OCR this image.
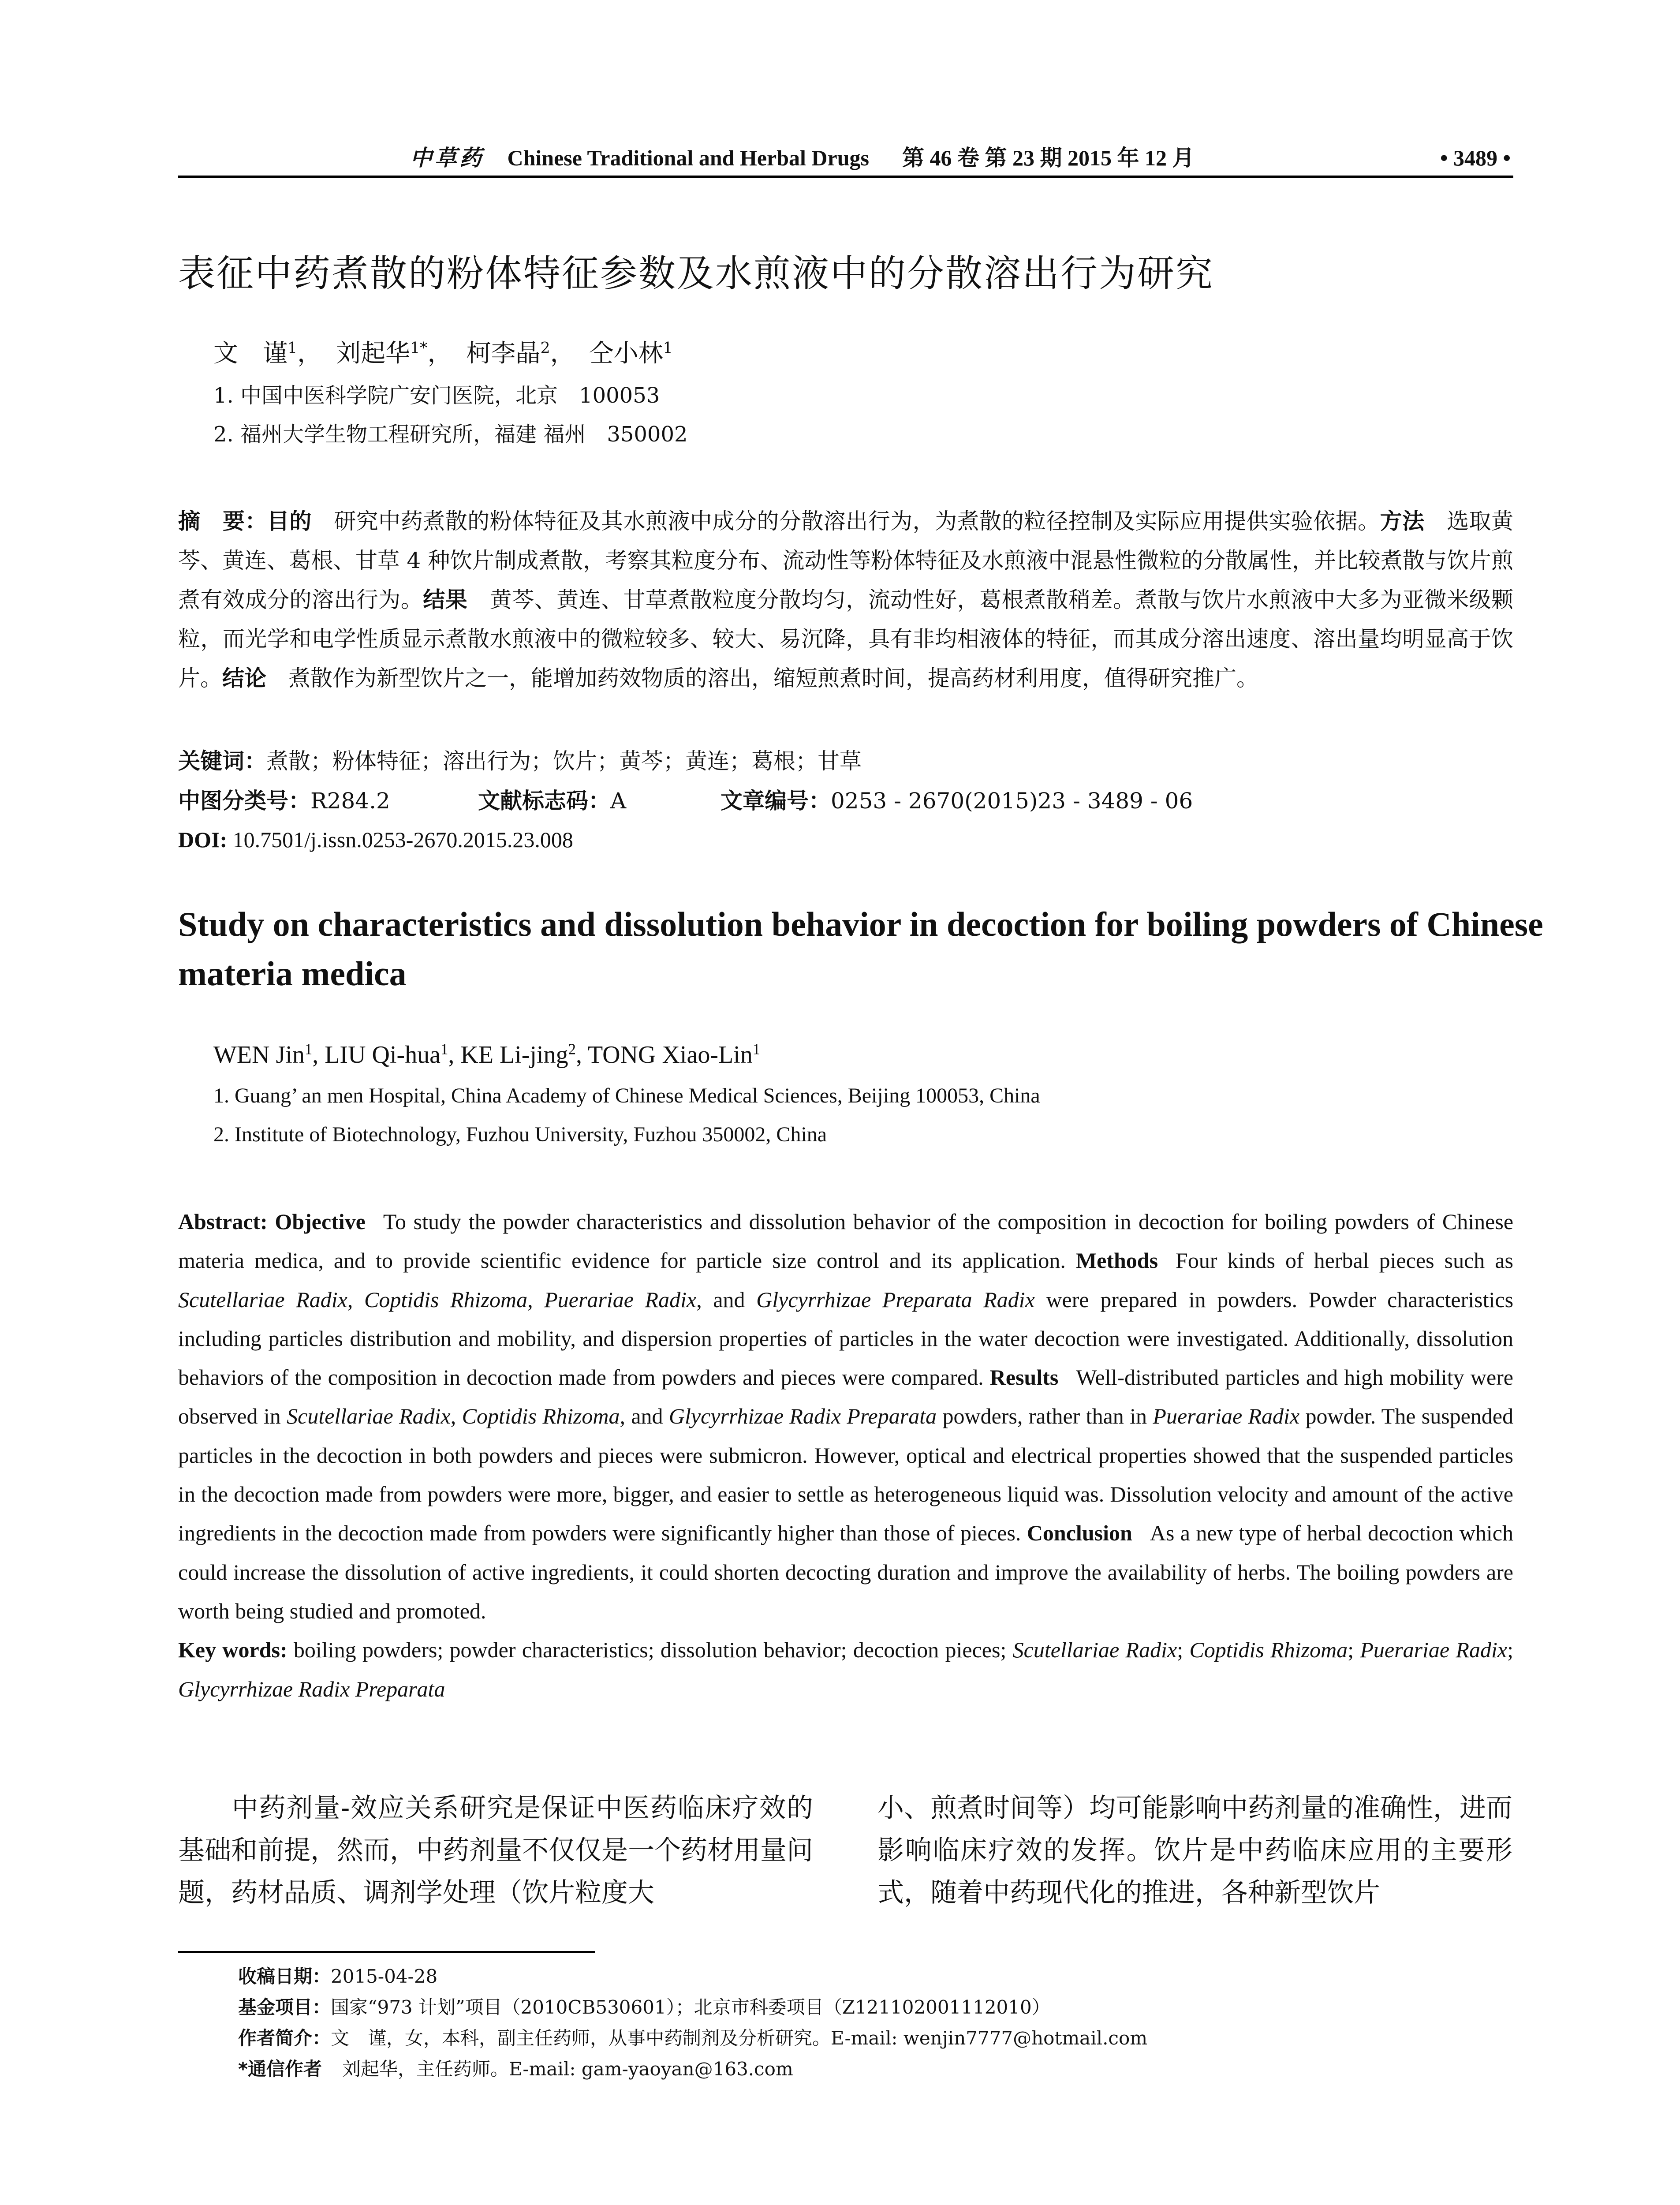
中草药 Chinese Traditional and Herbal Drugs 第 46 卷 第 23 期 2015 年 12 月	• 3489 •
表征中药煮散的粉体特征参数及水煎液中的分散溶出行为研究
文　谨$^1$， 刘起华$^{1*}$， 柯李晶$^2$， 仝小林$^1$
1. 中国中医科学院广安门医院，北京　100053
2. 福州大学生物工程研究所，福建 福州　350002
摘　要：目的 研究中药煮散的粉体特征及其水煎液中成分的分散溶出行为，为煮散的粒径控制及实际应用提供实验依据。方法 选取黄芩、黄连、葛根、甘草 4 种饮片制成煮散，考察其粒度分布、流动性等粉体特征及水煎液中混悬性微粒的分散属性，并比较煮散与饮片煎煮有效成分的溶出行为。结果 黄芩、黄连、甘草煮散粒度分散均匀，流动性好，葛根煮散稍差。煮散与饮片水煎液中大多为亚微米级颗粒，而光学和电学性质显示煮散水煎液中的微粒较多、较大、易沉降，具有非均相液体的特征，而其成分溶出速度、溶出量均明显高于饮片。结论 煮散作为新型饮片之一，能增加药效物质的溶出，缩短煎煮时间，提高药材利用度，值得研究推广。
关键词：煮散；粉体特征；溶出行为；饮片；黄芩；黄连；葛根；甘草
中图分类号：R284.2	文献标志码：A	文章编号：0253 - 2670(2015)23 - 3489 - 06
DOI: 10.7501/j.issn.0253-2670.2015.23.008
Study on characteristics and dissolution behavior in decoction for boiling powders of Chinese materia medica
WEN Jin$^1$, LIU Qi-hua$^1$, KE Li-jing$^2$, TONG Xiao-Lin$^1$
1. Guang’ an men Hospital, China Academy of Chinese Medical Sciences, Beijing 100053, China
2. Institute of Biotechnology, Fuzhou University, Fuzhou 350002, China
Abstract: Objective To study the powder characteristics and dissolution behavior of the composition in decoction for boiling powders of Chinese materia medica, and to provide scientific evidence for particle size control and its application. Methods Four kinds of herbal pieces such as Scutellariae Radix, Coptidis Rhizoma, Puerariae Radix, and Glycyrrhizae Preparata Radix were prepared in powders. Powder characteristics including particles distribution and mobility, and dispersion properties of particles in the water decoction were investigated. Additionally, dissolution behaviors of the composition in decoction made from powders and pieces were compared. Results Well-distributed particles and high mobility were observed in Scutellariae Radix, Coptidis Rhizoma, and Glycyrrhizae Radix Preparata powders, rather than in Puerariae Radix powder. The suspended particles in the decoction in both powders and pieces were submicron. However, optical and electrical properties showed that the suspended particles in the decoction made from powders were more, bigger, and easier to settle as heterogeneous liquid was. Dissolution velocity and amount of the active ingredients in the decoction made from powders were significantly higher than those of pieces. Conclusion As a new type of herbal decoction which could increase the dissolution of active ingredients, it could shorten decocting duration and improve the availability of herbs. The boiling powders are worth being studied and promoted.
Key words: boiling powders; powder characteristics; dissolution behavior; decoction pieces; Scutellariae Radix; Coptidis Rhizoma; Puerariae Radix; Glycyrrhizae Radix Preparata
中药剂量-效应关系研究是保证中医药临床疗效的基础和前提，然而，中药剂量不仅仅是一个药材用量问题，药材品质、调剂学处理（饮片粒度大
小、煎煮时间等）均可能影响中药剂量的准确性，进而影响临床疗效的发挥。饮片是中药临床应用的主要形式，随着中药现代化的推进，各种新型饮片
收稿日期：2015-04-28
基金项目：国家“973 计划”项目（2010CB530601）；北京市科委项目（Z121102001112010）
作者简介：文　谨，女，本科，副主任药师，从事中药制剂及分析研究。E-mail: wenjin7777@hotmail.com
*通信作者 刘起华，主任药师。E-mail: gam-yaoyan@163.com
